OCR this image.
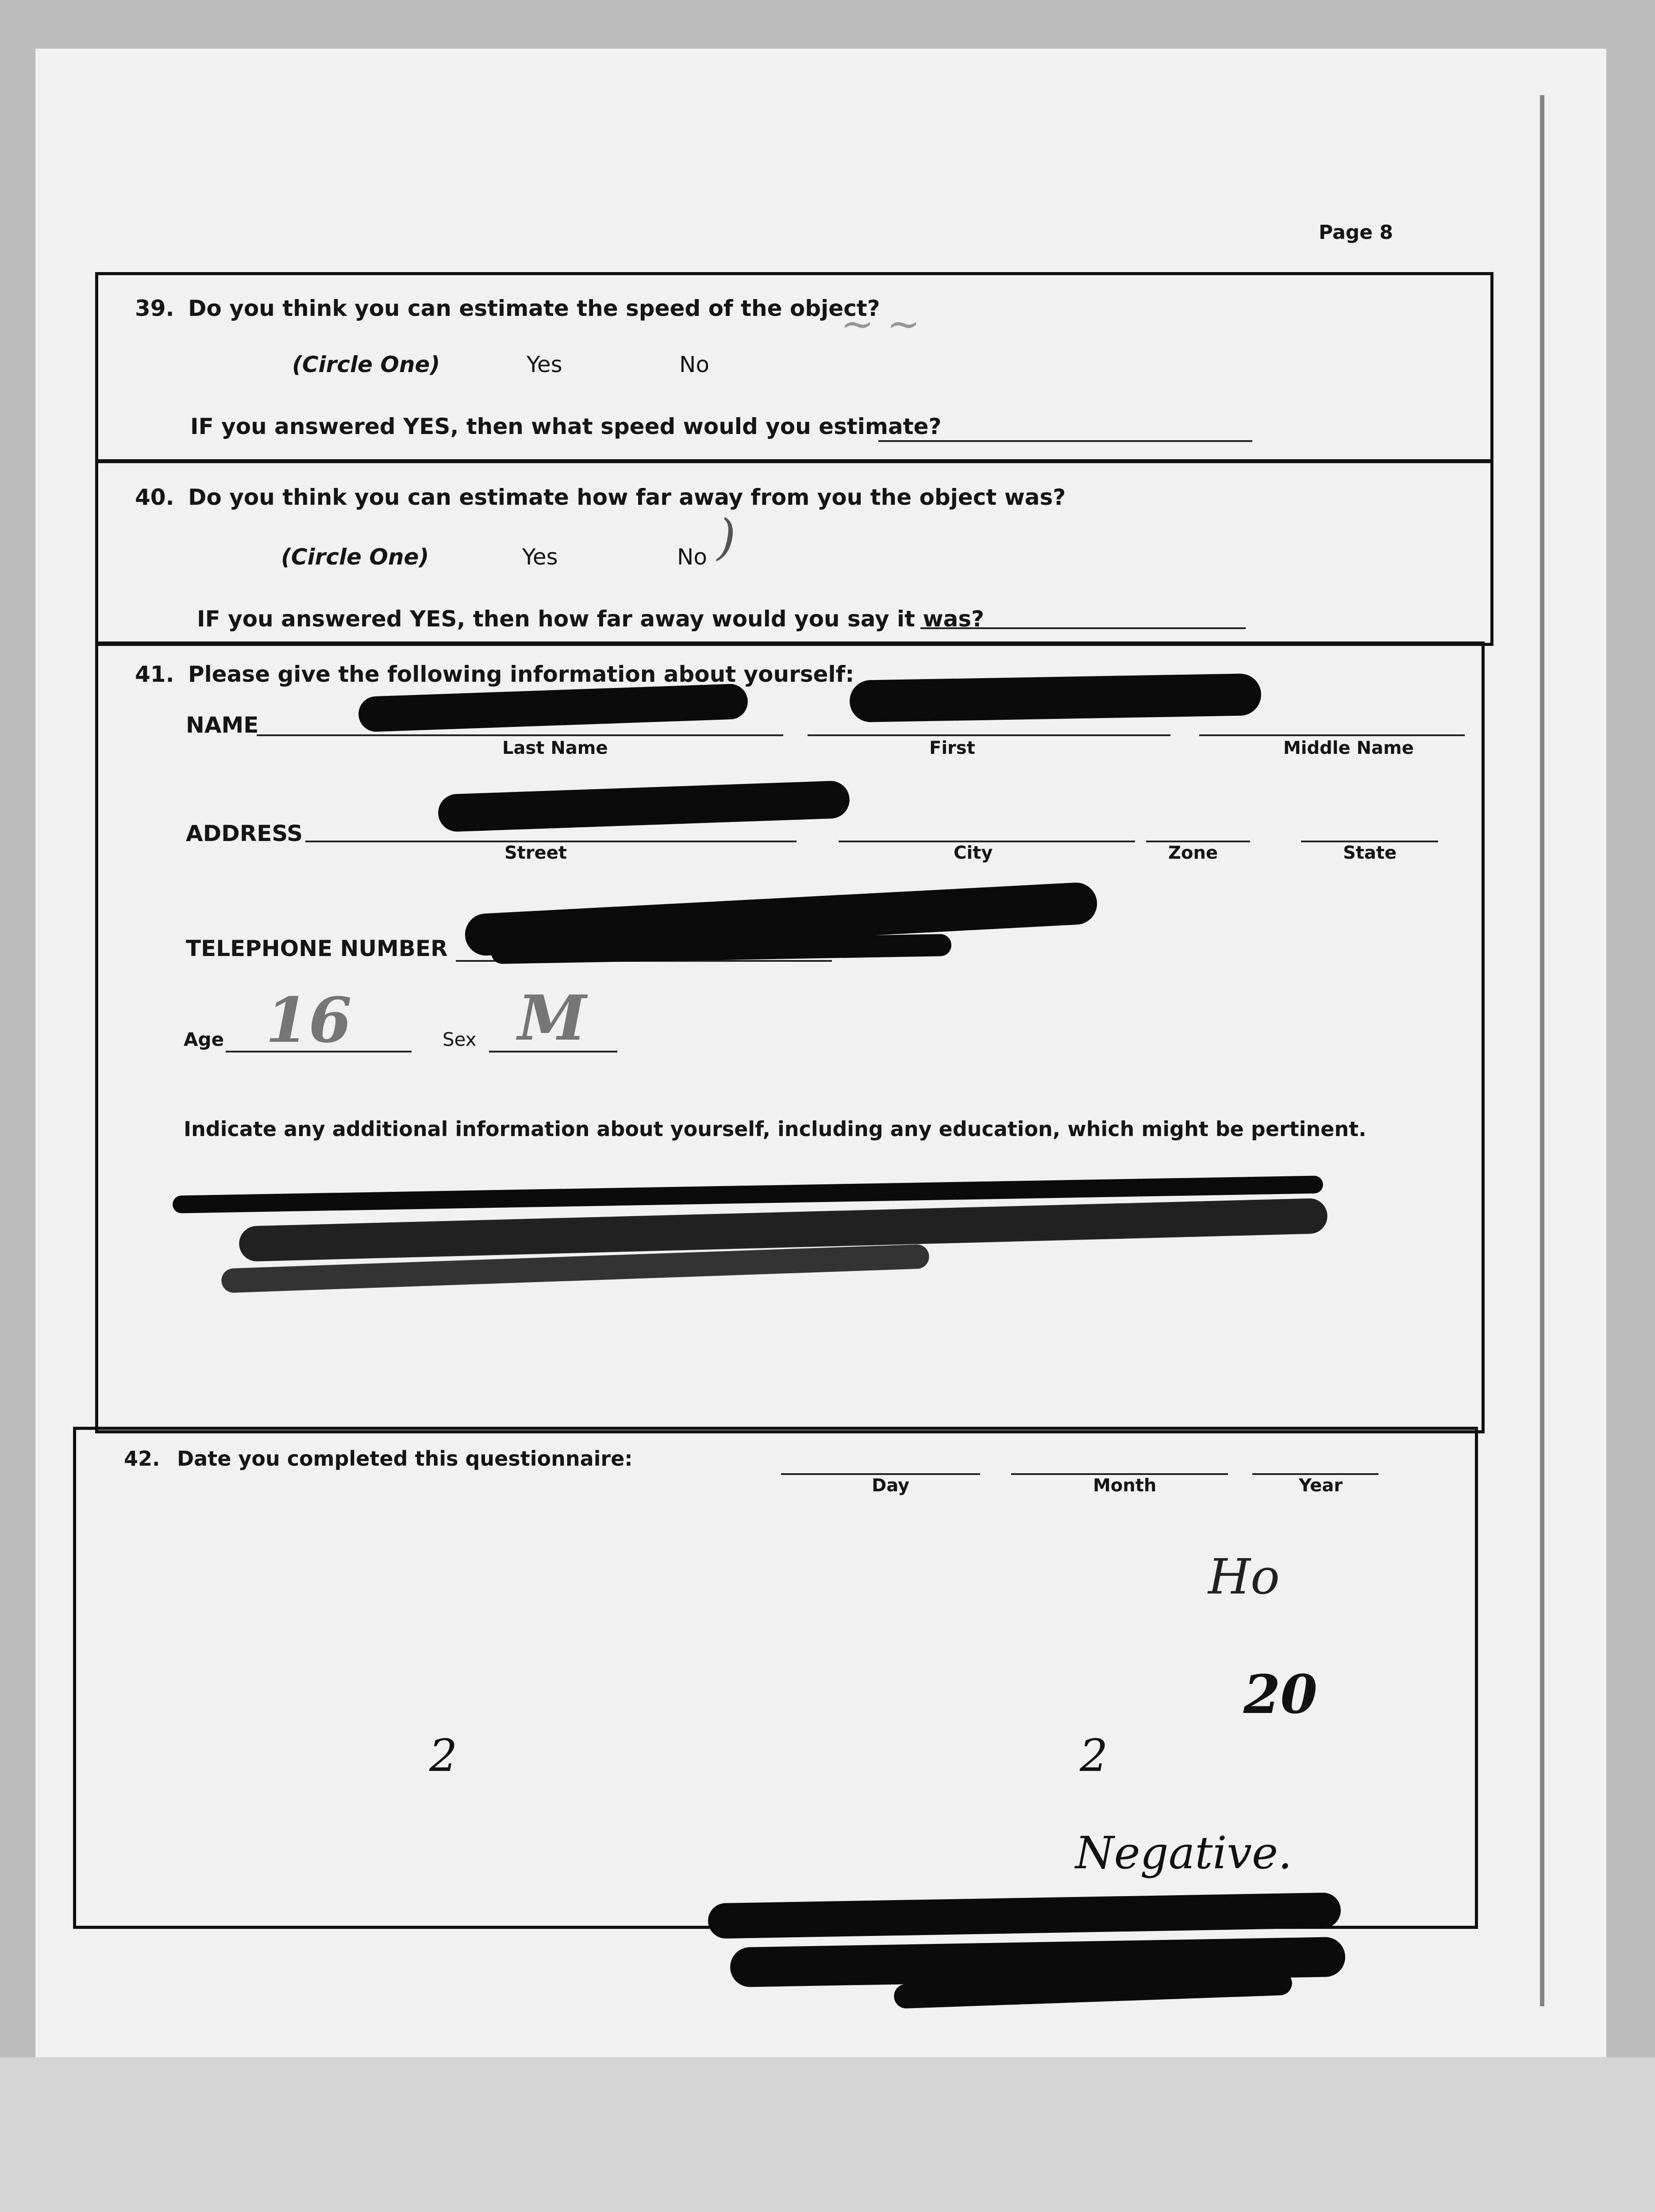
Page 8
39. Do you think you can estimate the speed of the object?
(Circle One)	Yes	No
IF you answered YES, then what speed would you estimate?
~ ~
40. Do you think you can estimate how far away from you the object was?
(Circle One)	Yes	No )
IF you answered YES, then how far away would you say it was?
41. Please give the following information about yourself:
NAME
Last Name	First	Middle Name
ADDRESS
Street	City	Zone	State
TELEPHONE NUMBER
Age 16	Sex M
Indicate any additional information about yourself, including any education, which might be pertinent.
42. Date you completed this questionnaire:
Day	Month	Year
Ho
20
2	2
Negative.
